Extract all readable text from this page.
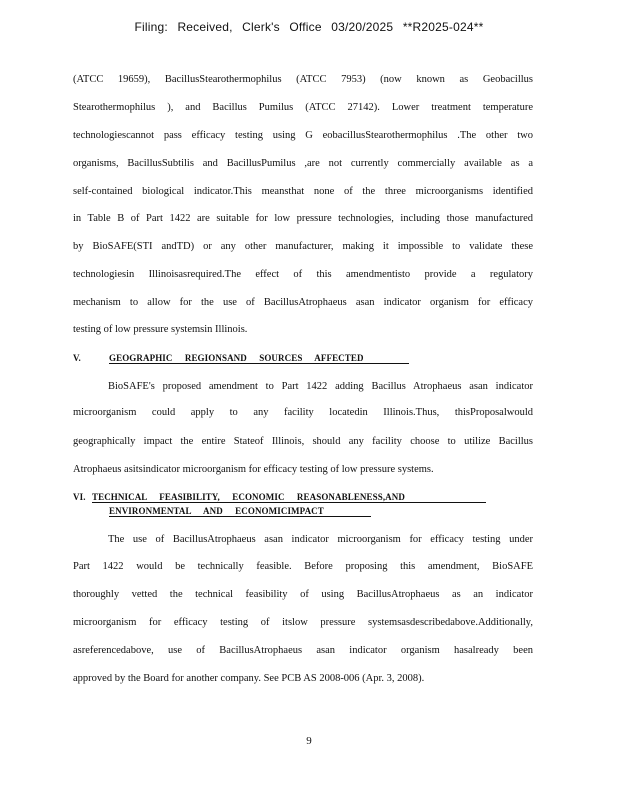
Filing: Received, Clerk's Office 03/20/2025 **R2025-024**
(ATCC 19659), BacillusStearothermophilus (ATCC 7953) (now known as Geobacillus
Stearothermophilus ), and Bacillus Pumilus (ATCC 27142). Lower treatment temperature
technologiescannot pass efficacy testing using G eobacillusStearothermophilus .The other two
organisms, BacillusSubtilis and BacillusPumilus ,are not currently commercially available as a
self-contained biological indicator.This meansthat none of the three microorganisms identified
in Table B of Part 1422 are suitable for low pressure technologies, including those manufactured
by BioSAFE(STI andTD) or any other manufacturer, making it impossible to validate these
technologiesin Illinoisasrequired.The effect of this amendmentisto provide a regulatory
mechanism to allow for the use of BacillusAtrophaeus asan indicator organism for efficacy
testing of low pressure systemsin Illinois.
V.	GEOGRAPHIC REGIONSAND SOURCES AFFECTED
BioSAFE's proposed amendment to Part 1422 adding Bacillus Atrophaeus asan indicator
microorganism could apply to any facility locatedin Illinois.Thus, thisProposalwould
geographically impact the entire Stateof Illinois, should any facility choose to utilize Bacillus
Atrophaeus asitsindicator microorganism for efficacy testing of low pressure systems.
VI. TECHNICAL FEASIBILITY, ECONOMIC REASONABLENESS,AND
ENVIRONMENTAL AND ECONOMICIMPACT
The use of BacillusAtrophaeus asan indicator microorganism for efficacy testing under
Part 1422 would be technically feasible. Before proposing this amendment, BioSAFE
thoroughly vetted the technical feasibility of using BacillusAtrophaeus as an indicator
microorganism for efficacy testing of itslow pressure systemsasdescribedabove.Additionally,
asreferencedabove, use of BacillusAtrophaeus asan indicator organism hasalready been
approved by the Board for another company. See PCB AS 2008-006 (Apr. 3, 2008).
9
